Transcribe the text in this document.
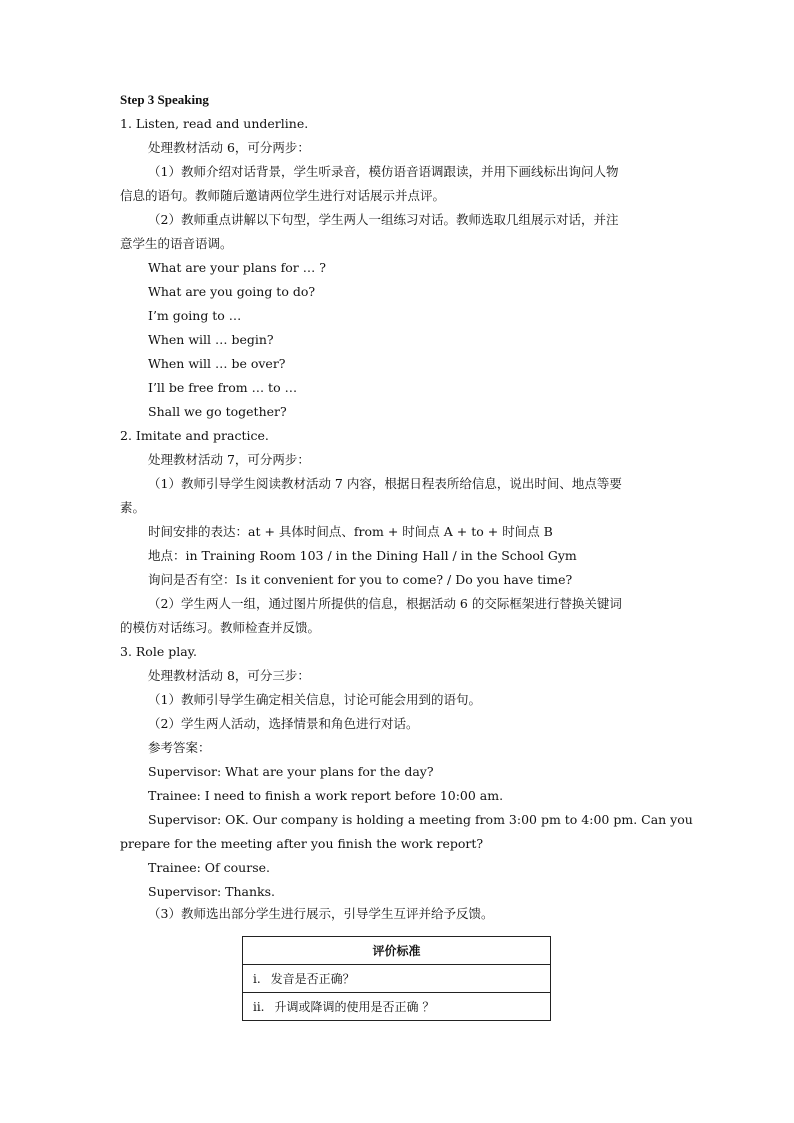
Step 3 Speaking
1. Listen, read and underline.
处理教材活动 6，可分两步：
（1）教师介绍对话背景，学生听录音，模仿语音语调跟读，并用下画线标出询问人物
信息的语句。教师随后邀请两位学生进行对话展示并点评。
（2）教师重点讲解以下句型，学生两人一组练习对话。教师选取几组展示对话，并注
意学生的语音语调。
What are your plans for … ?
What are you going to do?
I’m going to …
When will … begin?
When will … be over?
I’ll be free from … to …
Shall we go together?
2. Imitate and practice.
处理教材活动 7，可分两步：
（1）教师引导学生阅读教材活动 7 内容，根据日程表所给信息，说出时间、地点等要
素。
时间安排的表达：at + 具体时间点、from + 时间点 A + to + 时间点 B
地点：in Training Room 103 / in the Dining Hall / in the School Gym
询问是否有空：Is it convenient for you to come? / Do you have time?
（2）学生两人一组，通过图片所提供的信息，根据活动 6 的交际框架进行替换关键词
的模仿对话练习。教师检查并反馈。
3. Role play.
处理教材活动 8，可分三步：
（1）教师引导学生确定相关信息，讨论可能会用到的语句。
（2）学生两人活动，选择情景和角色进行对话。
参考答案：
Supervisor: What are your plans for the day?
Trainee: I need to finish a work report before 10:00 am.
Supervisor: OK. Our company is holding a meeting from 3:00 pm to 4:00 pm. Can you
prepare for the meeting after you finish the work report?
Trainee: Of course.
Supervisor: Thanks.
（3）教师选出部分学生进行展示，引导学生互评并给予反馈。
评价标准
i. 发音是否正确？
ii. 升调或降调的使用是否正确 ？
